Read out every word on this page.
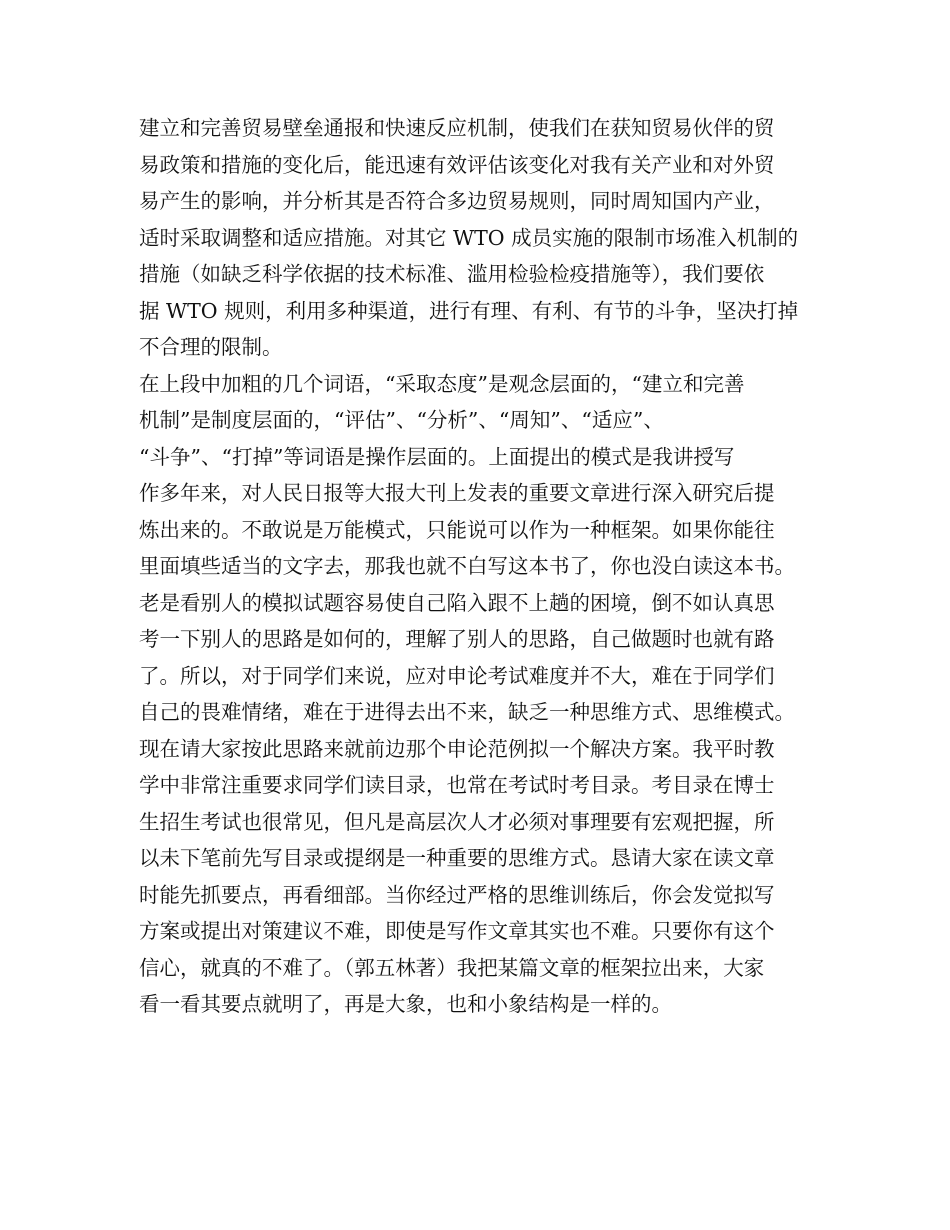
建立和完善贸易壁垒通报和快速反应机制，使我们在获知贸易伙伴的贸
易政策和措施的变化后，能迅速有效评估该变化对我有关产业和对外贸
易产生的影响，并分析其是否符合多边贸易规则，同时周知国内产业，
适时采取调整和适应措施。对其它 WTO 成员实施的限制市场准入机制的
措施（如缺乏科学依据的技术标准、滥用检验检疫措施等），我们要依
据 WTO 规则，利用多种渠道，进行有理、有利、有节的斗争，坚决打掉
不合理的限制。
在上段中加粗的几个词语，“采取态度”是观念层面的，“建立和完善
机制”是制度层面的，“评估”、“分析”、“周知”、“适应”、
“斗争”、“打掉”等词语是操作层面的。上面提出的模式是我讲授写
作多年来，对人民日报等大报大刊上发表的重要文章进行深入研究后提
炼出来的。不敢说是万能模式，只能说可以作为一种框架。如果你能往
里面填些适当的文字去，那我也就不白写这本书了，你也没白读这本书。
老是看别人的模拟试题容易使自己陷入跟不上趟的困境，倒不如认真思
考一下别人的思路是如何的，理解了别人的思路，自己做题时也就有路
了。所以，对于同学们来说，应对申论考试难度并不大，难在于同学们
自己的畏难情绪，难在于进得去出不来，缺乏一种思维方式、思维模式。
现在请大家按此思路来就前边那个申论范例拟一个解决方案。我平时教
学中非常注重要求同学们读目录，也常在考试时考目录。考目录在博士
生招生考试也很常见，但凡是高层次人才必须对事理要有宏观把握，所
以未下笔前先写目录或提纲是一种重要的思维方式。恳请大家在读文章
时能先抓要点，再看细部。当你经过严格的思维训练后，你会发觉拟写
方案或提出对策建议不难，即使是写作文章其实也不难。只要你有这个
信心，就真的不难了。（郭五林著）我把某篇文章的框架拉出来，大家
看一看其要点就明了，再是大象，也和小象结构是一样的。
